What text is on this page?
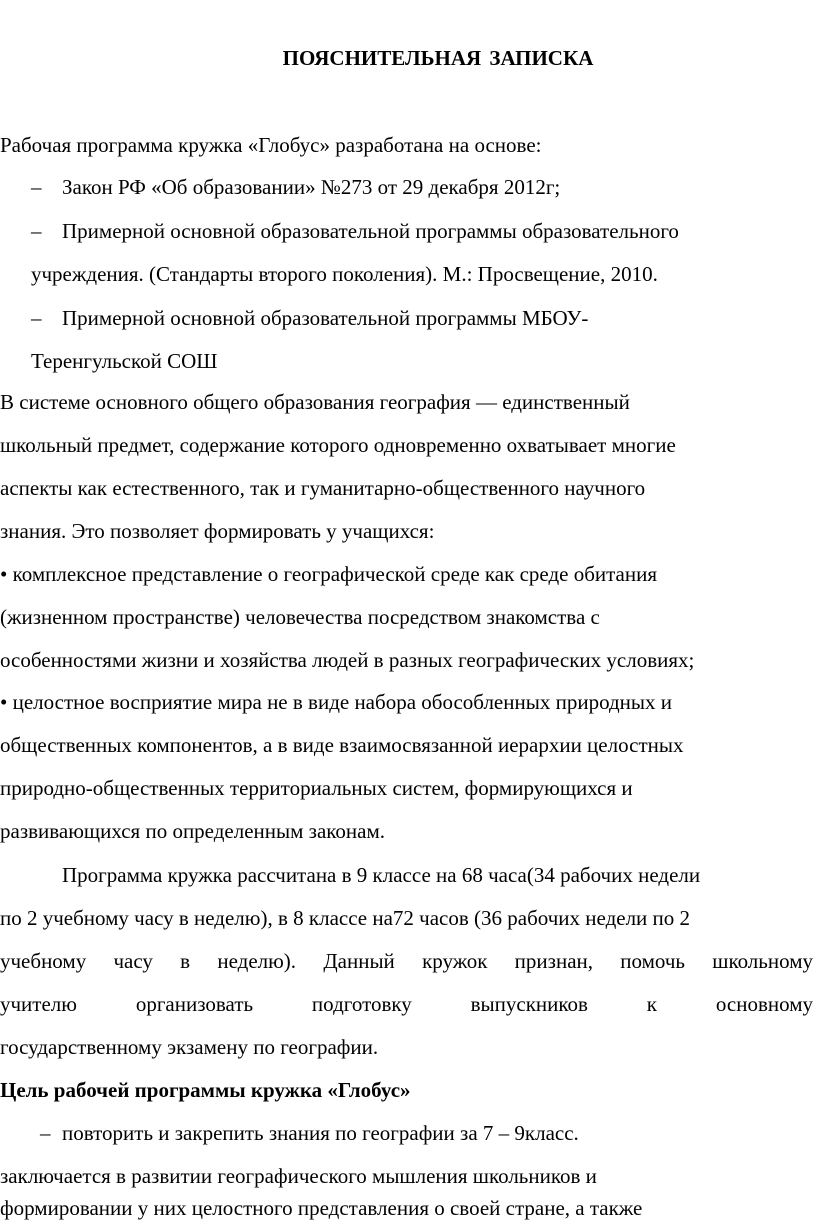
ПОЯСНИТЕЛЬНАЯ ЗАПИСКА
Рабочая программа кружка «Глобус» разработана на основе:
– Закон РФ «Об образовании» №273 от 29 декабря 2012г;
– Примерной основной образовательной программы образовательного
учреждения. (Стандарты второго поколения). М.: Просвещение, 2010.
– Примерной основной образовательной программы МБОУ-
Теренгульской СОШ
В системе основного общего образования география — единственный
школьный предмет, содержание которого одновременно охватывает многие
аспекты как естественного, так и гуманитарно-общественного научного
знания. Это позволяет формировать у учащихся:
• комплексное представление о географической среде как среде обитания
(жизненном пространстве) человечества посредством знакомства с
особенностями жизни и хозяйства людей в разных географических условиях;
• целостное восприятие мира не в виде набора обособленных природных и
общественных компонентов, а в виде взаимосвязанной иерархии целостных
природно-общественных территориальных систем, формирующихся и
развивающихся по определенным законам.
Программа кружка рассчитана в 9 классе на 68 часа(34 рабочих недели
по 2 учебному часу в неделю), в 8 классе на72 часов (36 рабочих недели по 2
учебному часу в неделю). Данный кружок признан, помочь школьному
учителю организовать подготовку выпускников к основному
государственному экзамену по географии.
Цель рабочей программы кружка «Глобус»
– повторить и закрепить знания по географии за 7 – 9класс.
заключается в развитии географического мышления школьников и
формировании у них целостного представления о своей стране, а также
